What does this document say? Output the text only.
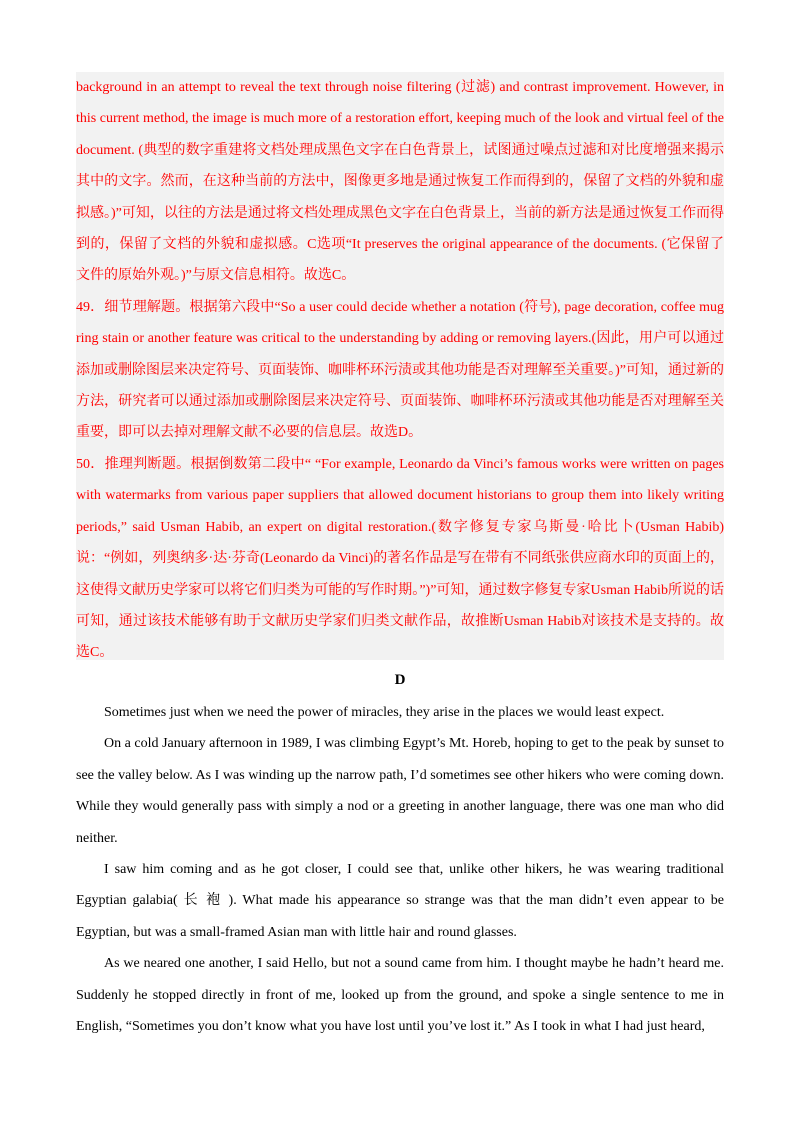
background in an attempt to reveal the text through noise filtering (过滤) and contrast improvement. However, in this current method, the image is much more of a restoration effort, keeping much of the look and virtual feel of the document. (典型的数字重建将文档处理成黑色文字在白色背景上，试图通过噪点过滤和对比度增强来揭示其中的文字。然而，在这种当前的方法中，图像更多地是通过恢复工作而得到的，保留了文档的外貌和虚拟感。)”可知，以往的方法是通过将文档处理成黑色文字在白色背景上，当前的新方法是通过恢复工作而得到的，保留了文档的外貌和虚拟感。C选项“It preserves the original appearance of the documents. (它保留了文件的原始外观。)”与原文信息相符。故选C。

49．细节理解题。根据第六段中“So a user could decide whether a notation (符号), page decoration, coffee mug ring stain or another feature was critical to the understanding by adding or removing layers.(因此，用户可以通过添加或删除图层来决定符号、页面装饰、咖啡杯环污渍或其他功能是否对理解至关重要。)”可知，通过新的方法，研究者可以通过添加或删除图层来决定符号、页面装饰、咖啡杯环污渍或其他功能是否对理解至关重要，即可以去掉对理解文献不必要的信息层。故选D。

50．推理判断题。根据倒数第二段中“ “For example, Leonardo da Vinci’s famous works were written on pages with watermarks from various paper suppliers that allowed document historians to group them into likely writing periods,” said Usman Habib, an expert on digital restoration.(数字修复专家乌斯曼·哈比卜(Usman Habib)说：“例如，列奥纳多·达·芬奇(Leonardo da Vinci)的著名作品是写在带有不同纸张供应商水印的页面上的，这使得文献历史学家可以将它们归类为可能的写作时期。”)”可知，通过数字修复专家Usman Habib所说的话可知，通过该技术能够有助于文献历史学家们归类文献作品，故推断Usman Habib对该技术是支持的。故选C。

D

Sometimes just when we need the power of miracles, they arise in the places we would least expect.

On a cold January afternoon in 1989, I was climbing Egypt’s Mt. Horeb, hoping to get to the peak by sunset to see the valley below. As I was winding up the narrow path, I’d sometimes see other hikers who were coming down. While they would generally pass with simply a nod or a greeting in another language, there was one man who did neither.

I saw him coming and as he got closer, I could see that, unlike other hikers, he was wearing traditional Egyptian galabia( 长 袍 ). What made his appearance so strange was that the man didn’t even appear to be Egyptian, but was a small-framed Asian man with little hair and round glasses.

As we neared one another, I said Hello, but not a sound came from him. I thought maybe he hadn’t heard me. Suddenly he stopped directly in front of me, looked up from the ground, and spoke a single sentence to me in English, “Sometimes you don’t know what you have lost until you’ve lost it.” As I took in what I had just heard,
